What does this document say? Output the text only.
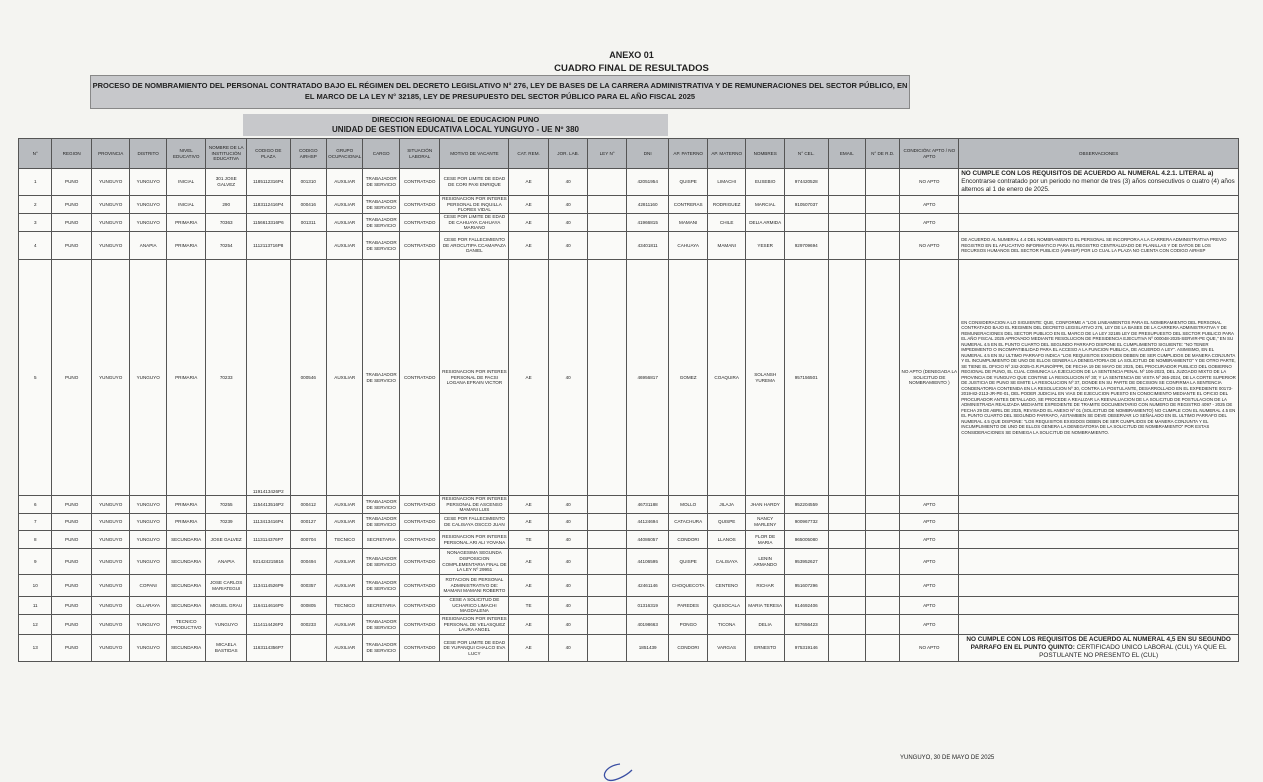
ANEXO 01
CUADRO FINAL DE RESULTADOS
PROCESO DE NOMBRAMIENTO DEL PERSONAL CONTRATADO BAJO EL RÉGIMEN DEL DECRETO LEGISLATIVO N° 276, LEY DE BASES DE LA CARRERA ADMINISTRATIVA Y DE REMUNERACIONES DEL SECTOR PÚBLICO, EN
EL MARCO DE LA LEY N° 32185, LEY DE PRESUPUESTO DEL SECTOR PÚBLICO PARA EL AÑO FISCAL 2025
DIRECCION REGIONAL DE EDUCACION PUNO
UNIDAD DE GESTION EDUCATIVA LOCAL YUNGUYO - UE Nº 380
N°	REGION	PROVINCIA	DISTRITO	NIVEL EDUCATIVO	NOMBRE DE LA INSTITUCIÓN EDUCATIVA	CODIGO DE PLAZA	CODIGO AIRHSP	GRUPO OCUPACIONAL	CARGO	SITUACIÓN LABORAL	MOTIVO DE VACANTE	CAT. REM.	JOR. LAB.	LEY N°	DNI	AP. PATERNO	AP. MATERNO	NOMBRES	N° CEL.	EMAIL	N° DE R.D.	CONDICIÓN: APTO / NO APTO	OBSERVACIONES
1	PUNO	YUNGUYO	YUNGUYO	INICIAL	301 JOSE GALVEZ	1185112316P4	001310	AUXILIAR	TRABAJADOR DE SERVICIO	CONTRATADO	CESE POR LIMITE DE EDAD DE CORI PAXI ENRIQUE	AE	40		42051954	QUISPE	LIMACHI	EUSEBIO	974420528			NO APTO	NO CUMPLE CON LOS REQUISITOS DE ACUERDO AL NUMERAL 4.2.1. LITERAL a) Encontrarse contratado por un periodo no menor de tres (3) años consecutivos o cuatro (4) años alternos al 1 de enero de 2025.
2	PUNO	YUNGUYO	YUNGUYO	INICIAL	290	1183112416P4	000416	AUXILIAR	TRABAJADOR DE SERVICIO	CONTRATADO	RESIGNACION POR INTERES PERSONAL DE INQUILLA FLORES VIDAL	AE	40		42811160	CONTRERAS	RODRIGUEZ	MARCIAL	910507037			APTO	
3	PUNO	YUNGUYO	YUNGUYO	PRIMARIA	70363	1156613316P6	001311	AUXILIAR	TRABAJADOR DE SERVICIO	CONTRATADO	CESE POR LIMITE DE EDAD DE CAHUAYA CAHUAYA MARIANO	AE	40		41966815	MAMANI	CHILE	DELIA ARMIDA				APTO	
4	PUNO	YUNGUYO	ANAPIA	PRIMARIA	70254	1112113716P8		AUXILIAR	TRABAJADOR DE SERVICIO	CONTRATADO	CESE POR FALLECIMIENTO DE AROCUTIPA CCAMAPAZA DANIEL	AE	40		43401811	CAHUAYA	MAMANI	YESER	929709694			NO APTO	DE ACUERDO AL NUMERAL 4.4 DEL NOMBRAMIENTO EL PERSONAL SE INCORPORA A LA CARRERA ADMINISTRATIVA PREVIO REGISTRO EN EL APLICATIVO INFORMATICO PARA EL REGISTRO CENTRALIZADO DE PLANILLAS Y DE DATOS DE LOS RECURSOS HUMANOS DEL SECTOR PUBLICO (AIRHSP) POR LO CUAL LA PLAZA NO CUENTA CON CODIGO AIRHSP
5	PUNO	YUNGUYO	YUNGUYO	PRIMARIA	70233	1191413426P2	000546	AUXILIAR	TRABAJADOR DE SERVICIO	CONTRATADO	RESIGNACION POR INTERES PERSONAL DE PACSI LOGANA EFRAIN VICTOR	AE	40		46956817	GOMEZ	COAQUIRA	SOLANSH YUREMA	957156501			NO APTO (DENEGADA LA SOLICITUD DE NOMBRAMIENTO )	EN CONSIDERACION A LO SIGUIENTE: QUE, CONFORME A "LOS LINEAMIENTOS PARA EL NOMBRAMIENTO DEL PERSONAL CONTRATADO BAJO EL REGIMEN DEL DECRETO LEGISLATIVO 276, LEY DE LA BASES DE LA CARRERA ADMINISTRATIVA Y DE REMUNERACIONES DEL SECTOR PUBLICO EN EL MARCO DE LA LEY 32185 LEY DE PRESUPUESTO DEL SECTOR PUBLICO PARA EL AÑO FISCAL 2025 APROVADO MEDIANTE RESOLUCION DE PRESIDENCIA EJECUTIVA Nº 000048-2025-SERVIR-PE QUE," EN SU NUMERAL 4.5 EN EL PUNTO CUARTO DEL SEGUNDO PARRAFO DISPONE EL CUMPLIMIENTO SIGUIENTE: "NO TENER IMPEDIMENTO O INCOMPATIBILIDAD PARA EL ACCESO A LA FUNCION PUBLICA, DE ACUERDO A LEY". ASIMISMO, EN EL NUMERAL 4.5 EN SU ULTIMO PARRAFO INDICA "LOS REQUISITOS EXIGIDOS DEBEN DE SER CUMPLIDOS DE MANERA CONJUNTA Y EL INCUMPLIMIENTO DE UNO DE ELLOS GENERA LA DENEGATORIA DE LA SOLICITUD DE NOMBRAMIENTO" Y DE OTRO PARTE, SE TIENE EL OFICIO Nº 242-2025-G.R.PUNO/PPR, DE FECHA 19 DE MAYO DE 2025, DEL PROCURADOR PUBLICO DEL GOBIERNO REGIONAL DE PUNO, EL CUAL COMUNICA LA EJECUCION DE LA SENTENCIA PENAL Nº 106-2023, DEL JUZGADO MIXTO DE LA PROVINCIA DE YUNGUYO QUE CONTINE LA RESOLUCION Nº 30; Y LA SENTENCIA DE VISTA Nº 265-2024, DE LA CORTE SUPERIOR DE JUSTICIA DE PUNO SE EMITE LA RESOLUCION Nº 37, DONDE EN SU PARTE DE DECISION SE CONFIRMA LA SENTENCIA CONDENATORIA CONTENIDA EN LA RESOLUCION Nº 30, CONTRA LA POSTULANTE, DESARROLLADO EN EL EXPEDIENTE 00173-2019-82-2113-JR-PE-01, DEL PODER JUDICIAL EN VIAS DE EJECUCION PUESTO EN CONOCIMIENTO MEDIANTE EL OFICIO DEL PROCURADOR ANTES DETALLADO, SE PROCEDE A REALIZAR LA REEVALUACION DE LA SOLICITUD DE POSTULACION DE LA ADMINISTRADA REALIZADA MEDIANTE EXPEDIENTE DE TRAMITE DOCUMENTARIO CON NUMERO DE REGISTRO 4097 - 2025 DE FECHA 29 DE ABRIL DE 2025, REVISADO EL ANEXO Nº 01 (SOLICITUD DE NOMBRAMIENTO) NO CUMPLE CON EL NUMERAL 4.5 EN EL PUNTO CUARTO DEL SEGUNDO PARRAFO, ASITAMBIEN SE DEVE OBSERVAR LO SEÑALADO EN EL ULTIMO PARRAFO DEL NUMERAL 4.5 QUE DISPONE: "LOS REQUISITOS EXIGIDOS DEBEN DE SER CUMPLIDOS DE MANERA CONJUNTA Y EL INCUMPLIMIENTO DE UNO DE ELLOS GENERA LA DENEGATORIA DE LA SOLICITUD DE NOMBRAMIENTO" POR ESTAS CONSIDERACIONES SE DENIEGA LA SOLICITUD DE NOMBRAMIENTO.
6	PUNO	YUNGUYO	YUNGUYO	PRIMARIA	70255	1154413516P2	000412	AUXILIAR	TRABAJADOR DE SERVICIO	CONTRATADO	RESIGNACION POR INTERES PERSONAL DE ASCENSO MAMANI LUIS	AE	40		46731188	MOLLO	JILAJA	JHAN HARDY	952204559			APTO	
7	PUNO	YUNGUYO	YUNGUYO	PRIMARIA	70239	1113413416P4	000127	AUXILIAR	TRABAJADOR DE SERVICIO	CONTRATADO	CESE POR FALLECIMIENTO DE CALISAYA OSCCO JUAN	AE	40		44124694	CATACHURA	QUISPE	NANCY MARLENY	900967732			APTO	
8	PUNO	YUNGUYO	YUNGUYO	SECUNDARIA	JOSE GALVEZ	1113114376P7	000704	TECNICO	SECRETARIA	CONTRATADO	RESIGNACION POR INTERES PERSONAL ARI ALI YOVANA	TE	40		44086057	CONDORI	LLANOS	FLOR DE MARIA	965005080			APTO	
9	PUNO	YUNGUYO	YUNGUYO	SECUNDARIA	ANAPIA	921424215816	000494	AUXILIAR	TRABAJADOR DE SERVICIO	CONTRATADO	NONAGESIMA SEGUNDA DISPOSICION COMPLEMENTARIA FINAL DE LA LEY Nº 29951	AE	40		44106595	QUISPE	CALISAYA	LENIN ARMANDO	953952627			APTO	
10	PUNO	YUNGUYO	COPANI	SECUNDARIA	JOSE CARLOS MARIATEGUI	1134114526P9	000357	AUXILIAR	TRABAJADOR DE SERVICIO	CONTRATADO	ROTACION DE PERSONAL ADMINISTRATIVO DE: MAMANI MAMANI ROBERTO	AE	40		42461146	CHOQUECOTA	CENTENO	RICHAR	951607296			APTO	
11	PUNO	YUNGUYO	OLLARAYA	SECUNDARIA	MIGUEL GRAU	1164114616P0	000805	TECNICO	SECRETARIA	CONTRATADO	CESE A SOLICITUD DE UCHARICO LIMACHI MAGDALENA	TE	40		01316319	PAREDES	QUISOCALA	MARIA TERESA	914692406			APTO	
12	PUNO	YUNGUYO	YUNGUYO	TECNICO PRODUCTIVO	YUNGUYO	1114114426P2	000233	AUXILIAR	TRABAJADOR DE SERVICIO	CONTRATADO	RESIGNACION POR INTERES PERSONAL DE VELASQUEZ LAURA ANGEL	AE	40		40198663	PONGO	TICONA	DELIA	927656423			APTO	
13	PUNO	YUNGUYO	YUNGUYO	SECUNDARIA	MICAELA BASTIDAS	1163114356P7		AUXILIAR	TRABAJADOR DE SERVICIO	CONTRATADO	CESE POR LIMITE DE EDAD DE YUPANQUI CHALCO EVA LUCY	AE	40		1851439	CONDORI	VARGAS	ERNESTO	975319146			NO APTO	NO CUMPLE CON LOS REQUISITOS DE ACUERDO AL NUMERAL 4,5 EN SU SEGUNDO PARRAFO EN EL PUNTO QUINTO: CERTIFICADO UNICO LABORAL (CUL) YA QUE EL POSTULANTE NO PRESENTO EL (CUL)
YUNGUYO, 30 DE MAYO DE 2025
